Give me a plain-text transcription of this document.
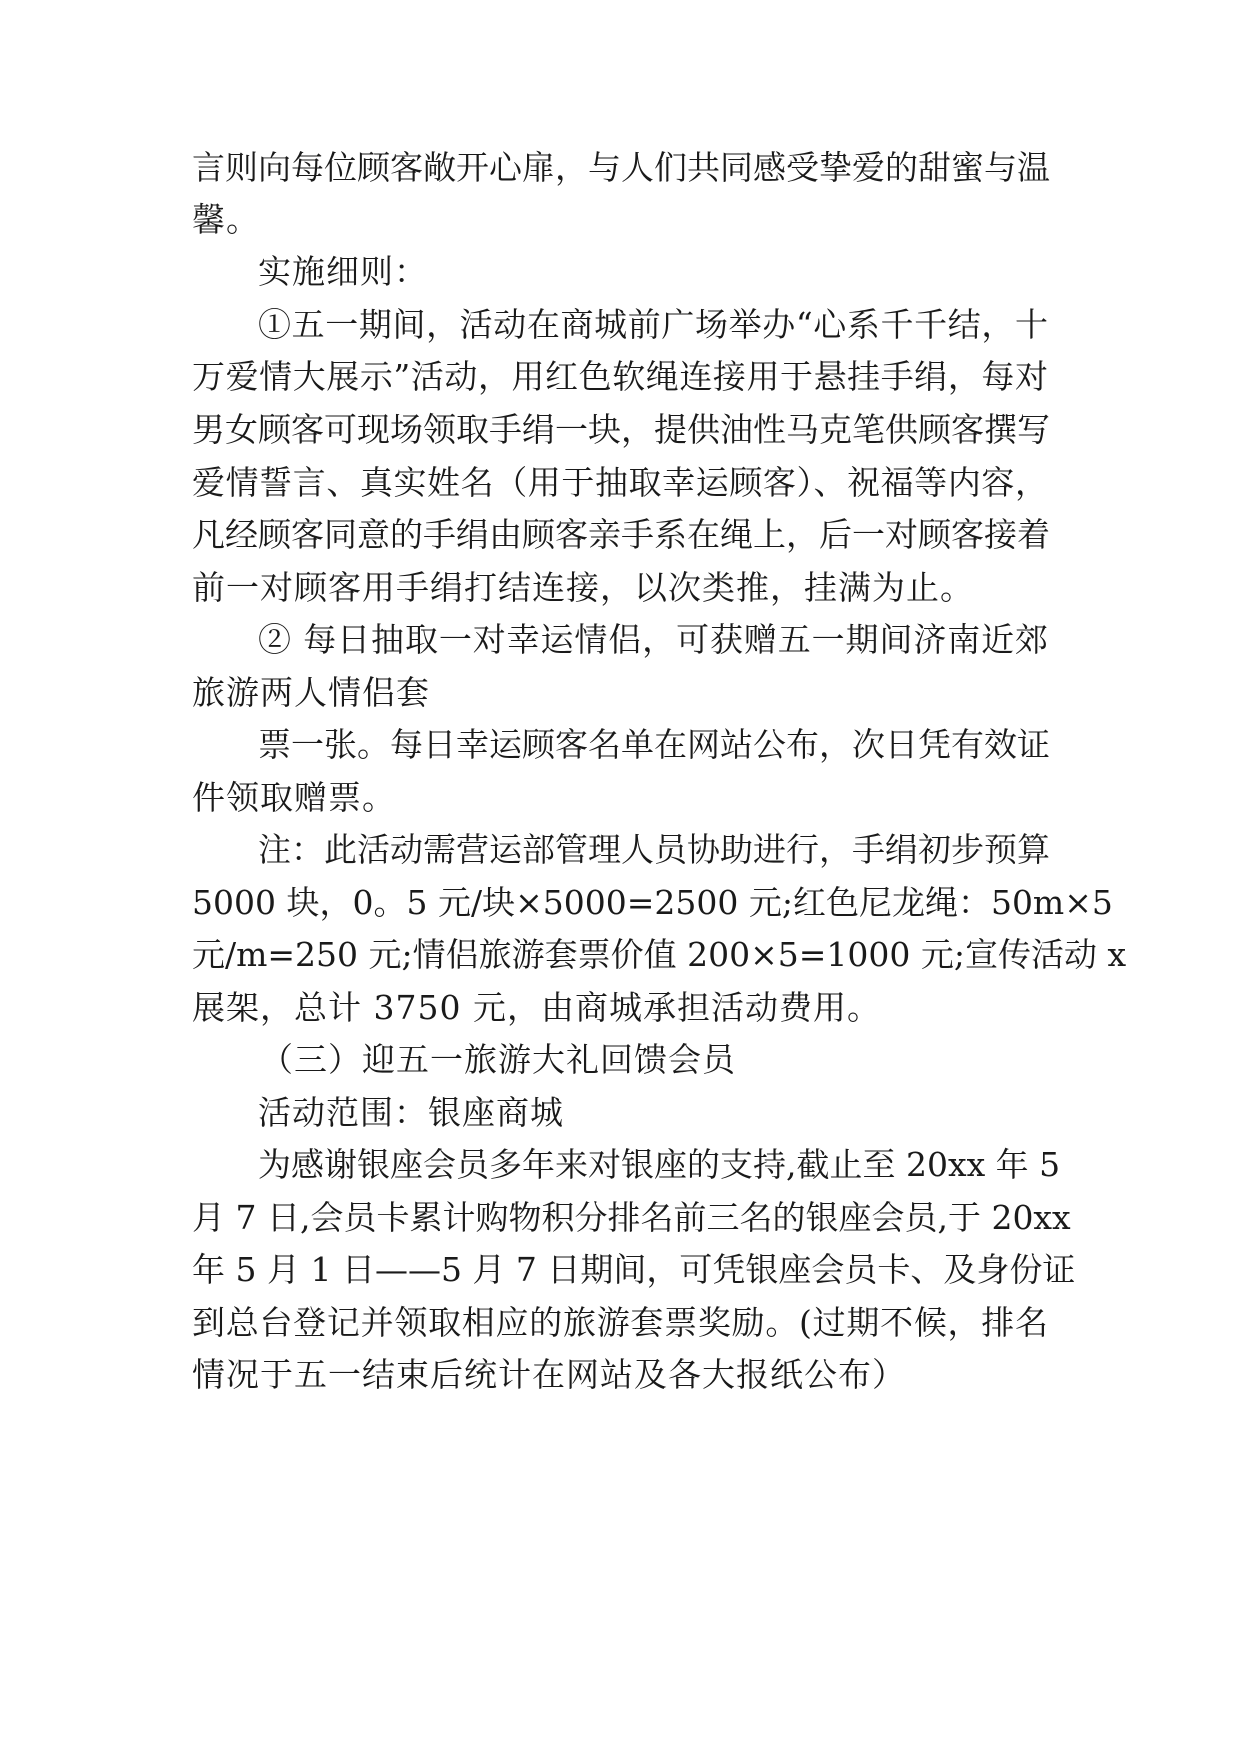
言则向每位顾客敞开心扉，与人们共同感受挚爱的甜蜜与温
馨。
实施细则：
①五一期间，活动在商城前广场举办“心系千千结，十
万爱情大展示”活动，用红色软绳连接用于悬挂手绢，每对
男女顾客可现场领取手绢一块，提供油性马克笔供顾客撰写
爱情誓言、真实姓名（用于抽取幸运顾客）、祝福等内容，
凡经顾客同意的手绢由顾客亲手系在绳上，后一对顾客接着
前一对顾客用手绢打结连接，以次类推，挂满为止。
② 每日抽取一对幸运情侣，可获赠五一期间济南近郊
旅游两人情侣套
票一张。每日幸运顾客名单在网站公布，次日凭有效证
件领取赠票。
注：此活动需营运部管理人员协助进行，手绢初步预算
5000 块，0。5 元/块×5000=2500 元;红色尼龙绳：50m×5
元/m=250 元;情侣旅游套票价值 200×5=1000 元;宣传活动 x
展架，总计 3750 元，由商城承担活动费用。
（三）迎五一旅游大礼回馈会员
活动范围：银座商城
为感谢银座会员多年来对银座的支持,截止至 20xx 年 5
月 7 日,会员卡累计购物积分排名前三名的银座会员,于 20xx
年 5 月 1 日——5 月 7 日期间，可凭银座会员卡、及身份证
到总台登记并领取相应的旅游套票奖励。(过期不候，排名
情况于五一结束后统计在网站及各大报纸公布）
